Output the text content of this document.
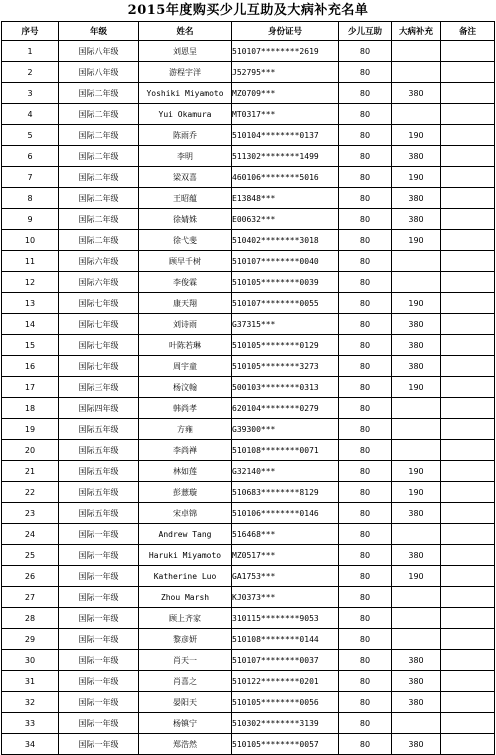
2015年度购买少儿互助及大病补充名单
序号	年级	姓名	身份证号	少儿互助	大病补充	备注
1	国际八年级	刘恩呈	510107********2619	80		
2	国际八年级	游程宇洋	J52795***	80		
3	国际二年级	Yoshiki Miyamoto	MZ0709***	80	380	
4	国际二年级	Yui Okamura	MT0317***	80		
5	国际二年级	陈雨乔	510104********0137	80	190	
6	国际二年级	李明	511302********1499	80	380	
7	国际二年级	梁双喜	460106********5016	80	190	
8	国际二年级	王昭蕴	E13848***	80	380	
9	国际二年级	徐婧姝	E00632***	80	380	
10	国际二年级	徐弋斐	510402********3018	80	190	
11	国际六年级	顾早千树	510107********0040	80		
12	国际六年级	李俊霖	510105********0039	80		
13	国际七年级	康天翔	510107********0055	80	190	
14	国际七年级	刘诗雨	G37315***	80	380	
15	国际七年级	叶陈若琳	510105********0129	80	380	
16	国际七年级	周宇童	510105********3273	80	380	
17	国际三年级	杨汶翰	500103********0313	80	190	
18	国际四年级	韩尚孝	620104********0279	80		
19	国际五年级	方雍	G39300***	80		
20	国际五年级	李尚禅	510108********0071	80		
21	国际五年级	林如莲	G32140***	80	190	
22	国际五年级	彭薏璇	510683********8129	80	190	
23	国际五年级	宋卓锦	510106********0146	80	380	
24	国际一年级	Andrew Tang	516468***	80		
25	国际一年级	Haruki Miyamoto	MZ0517***	80	380	
26	国际一年级	Katherine Luo	GA1753***	80	190	
27	国际一年级	Zhou Marsh	KJ0373***	80		
28	国际一年级	顾上齐家	310115********9053	80		
29	国际一年级	黎彦妍	510108********0144	80		
30	国际一年级	肖天一	510107********0037	80	380	
31	国际一年级	肖喜之	510122********0201	80	380	
32	国际一年级	晏阳天	510105********0056	80	380	
33	国际一年级	杨镇宁	510302********3139	80		
34	国际一年级	郑浩然	510105********0057	80	380	
